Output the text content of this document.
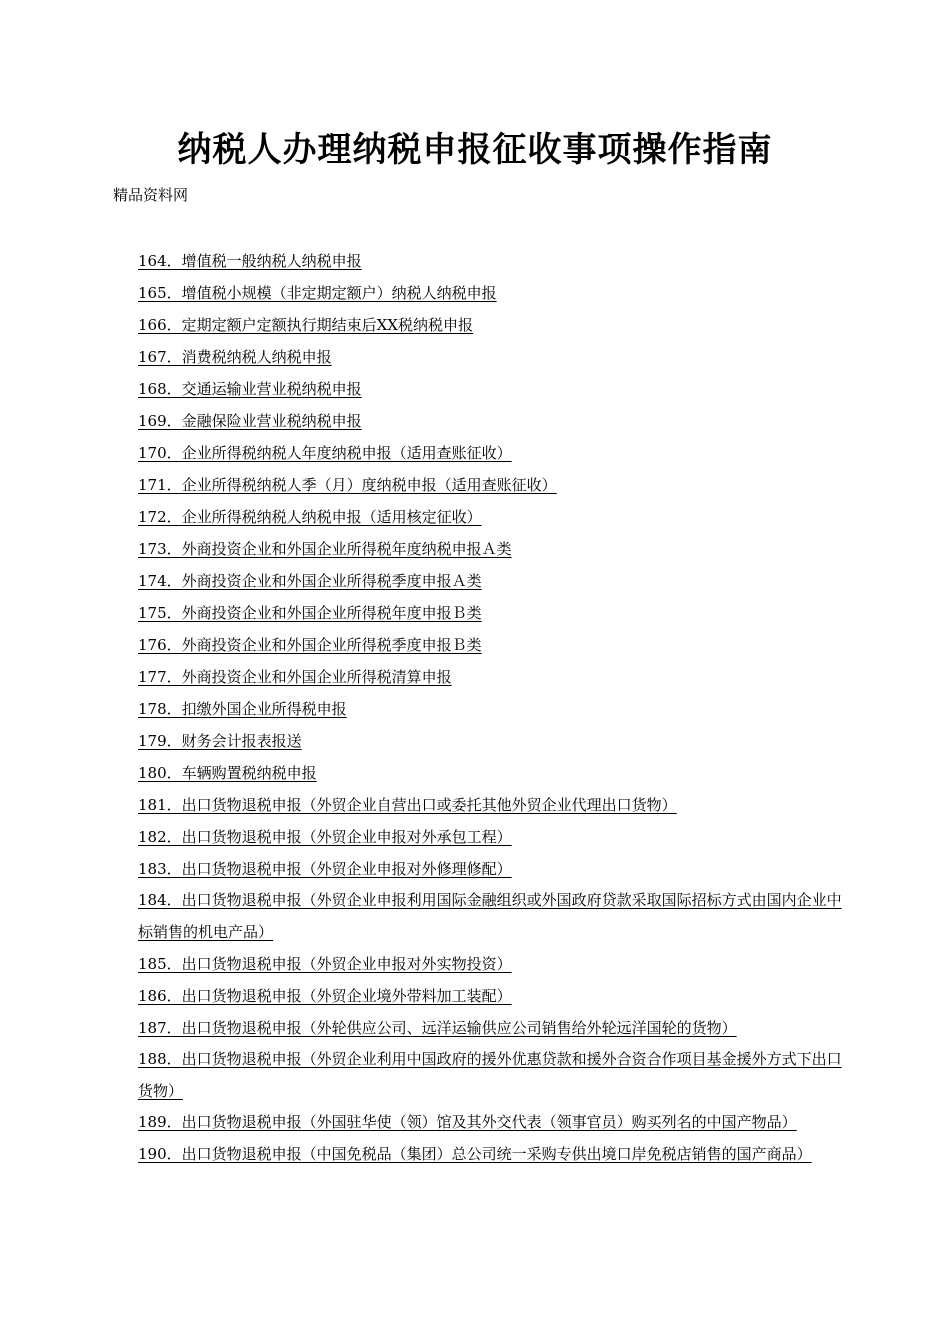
纳税人办理纳税申报征收事项操作指南
精品资料网
164．增值税一般纳税人纳税申报
165．增值税小规模（非定期定额户）纳税人纳税申报
166．定期定额户定额执行期结束后XX税纳税申报
167．消费税纳税人纳税申报
168．交通运输业营业税纳税申报
169．金融保险业营业税纳税申报
170．企业所得税纳税人年度纳税申报（适用查账征收）
171．企业所得税纳税人季（月）度纳税申报（适用查账征收）
172．企业所得税纳税人纳税申报（适用核定征收）
173．外商投资企业和外国企业所得税年度纳税申报Ａ类
174．外商投资企业和外国企业所得税季度申报Ａ类
175．外商投资企业和外国企业所得税年度申报Ｂ类
176．外商投资企业和外国企业所得税季度申报Ｂ类
177．外商投资企业和外国企业所得税清算申报
178．扣缴外国企业所得税申报
179．财务会计报表报送
180．车辆购置税纳税申报
181．出口货物退税申报（外贸企业自营出口或委托其他外贸企业代理出口货物）
182．出口货物退税申报（外贸企业申报对外承包工程）
183．出口货物退税申报（外贸企业申报对外修理修配）
184．出口货物退税申报（外贸企业申报利用国际金融组织或外国政府贷款采取国际招标方式由国内企业中标销售的机电产品）
185．出口货物退税申报（外贸企业申报对外实物投资）
186．出口货物退税申报（外贸企业境外带料加工装配）
187．出口货物退税申报（外轮供应公司、远洋运输供应公司销售给外轮远洋国轮的货物）
188．出口货物退税申报（外贸企业利用中国政府的援外优惠贷款和援外合资合作项目基金援外方式下出口货物）
189．出口货物退税申报（外国驻华使（领）馆及其外交代表（领事官员）购买列名的中国产物品）
190．出口货物退税申报（中国免税品（集团）总公司统一采购专供出境口岸免税店销售的国产商品）
